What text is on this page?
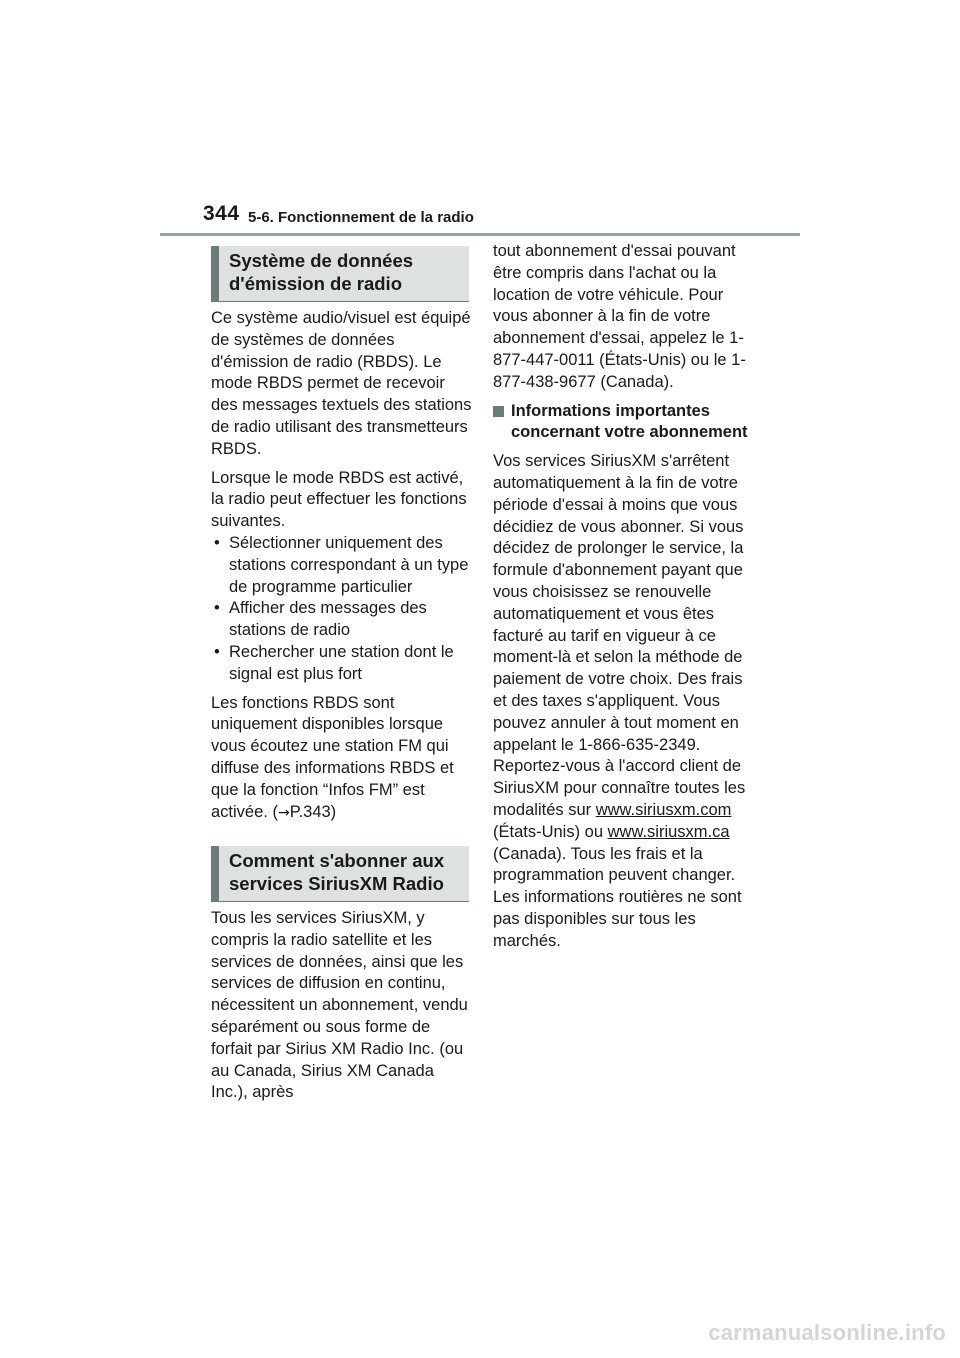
344 5-6. Fonctionnement de la radio
Système de données
d'émission de radio

Ce système audio/visuel est équipé de systèmes de données d'émission de radio (RBDS). Le mode RBDS permet de recevoir des messages textuels des stations de radio utilisant des transmetteurs RBDS.

Lorsque le mode RBDS est activé, la radio peut effectuer les fonctions suivantes.

• Sélectionner uniquement des stations correspondant à un type de programme particulier
• Afficher des messages des stations de radio
• Rechercher une station dont le signal est plus fort

Les fonctions RBDS sont uniquement disponibles lorsque vous écoutez une station FM qui diffuse des informations RBDS et que la fonction “Infos FM” est activée. (→P.343)

Comment s'abonner aux
services SiriusXM Radio

Tous les services SiriusXM, y compris la radio satellite et les services de données, ainsi que les services de diffusion en continu, nécessitent un abonnement, vendu séparément ou sous forme de forfait par Sirius XM Radio Inc. (ou au Canada, Sirius XM Canada Inc.), après

tout abonnement d'essai pouvant être compris dans l'achat ou la location de votre véhicule. Pour vous abonner à la fin de votre abonnement d'essai, appelez le 1-877-447-0011 (États-Unis) ou le 1-877-438-9677 (Canada).

Informations importantes concernant votre abonnement

Vos services SiriusXM s'arrêtent automatiquement à la fin de votre période d'essai à moins que vous décidiez de vous abonner. Si vous décidez de prolonger le service, la formule d'abonnement payant que vous choisissez se renouvelle automatiquement et vous êtes facturé au tarif en vigueur à ce moment-là et selon la méthode de paiement de votre choix. Des frais et des taxes s'appliquent. Vous pouvez annuler à tout moment en appelant le 1-866-635-2349. Reportez-vous à l'accord client de SiriusXM pour connaître toutes les modalités sur www.siriusxm.com (États-Unis) ou www.siriusxm.ca (Canada). Tous les frais et la programmation peuvent changer. Les informations routières ne sont pas disponibles sur tous les marchés.

carmanualsonline.info
